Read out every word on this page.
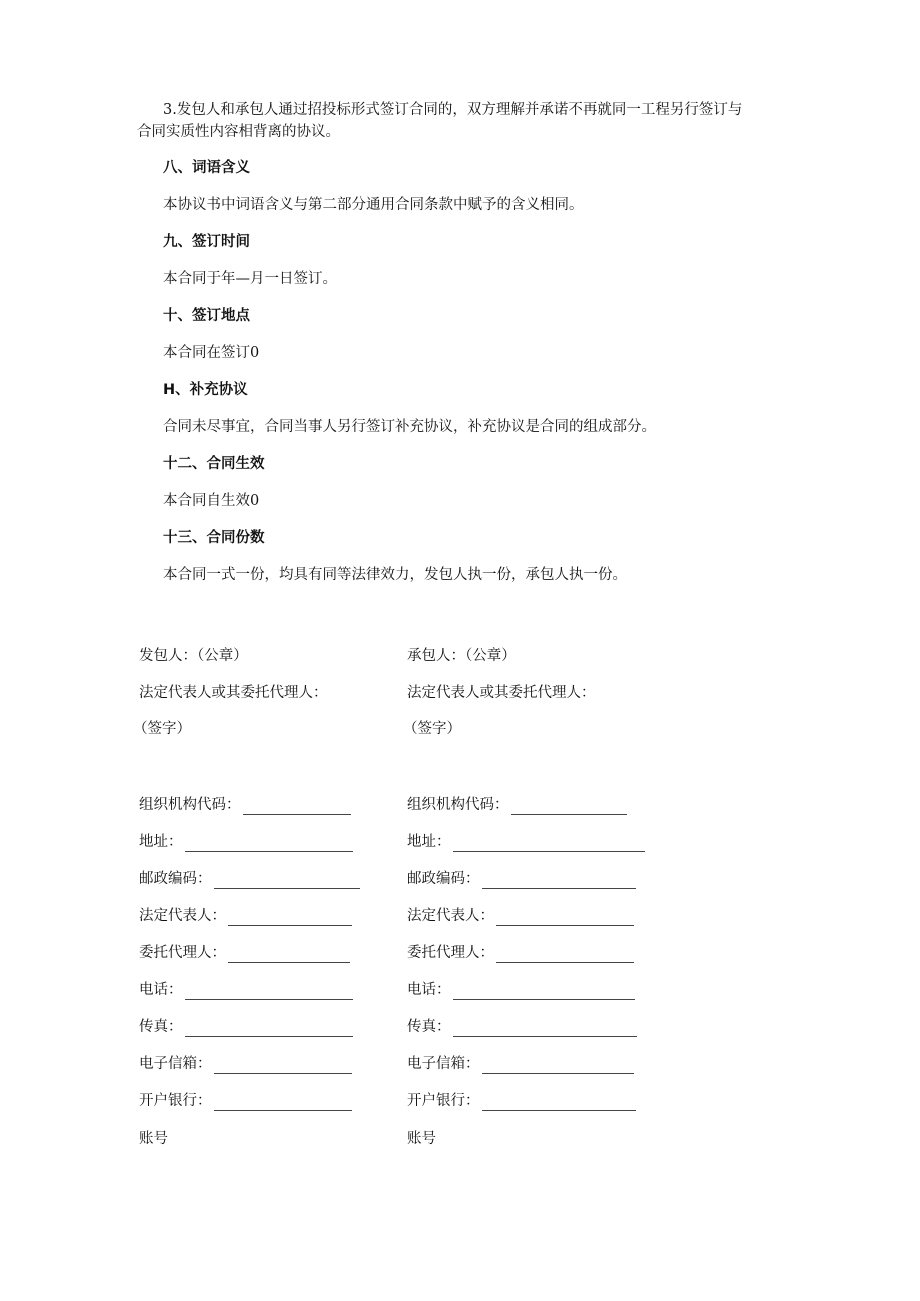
3.发包人和承包人通过招投标形式签订合同的，双方理解并承诺不再就同一工程另行签订与
合同实质性内容相背离的协议。
八、词语含义
本协议书中词语含义与第二部分通用合同条款中赋予的含义相同。
九、签订时间
本合同于年—月一日签订。
十、签订地点
本合同在签订0
H、补充协议
合同未尽事宜，合同当事人另行签订补充协议，补充协议是合同的组成部分。
十二、合同生效
本合同自生效0
十三、合同份数
本合同一式一份，均具有同等法律效力，发包人执一份，承包人执一份。
发包人：（公章）
法定代表人或其委托代理人：
（签字）
承包人：（公章）
法定代表人或其委托代理人：
（签字）
组织机构代码：
地址：
邮政编码：
法定代表人：
委托代理人：
电话：
传真：
电子信箱：
开户银行：
账号
组织机构代码：
地址：
邮政编码：
法定代表人：
委托代理人：
电话：
传真：
电子信箱：
开户银行：
账号
